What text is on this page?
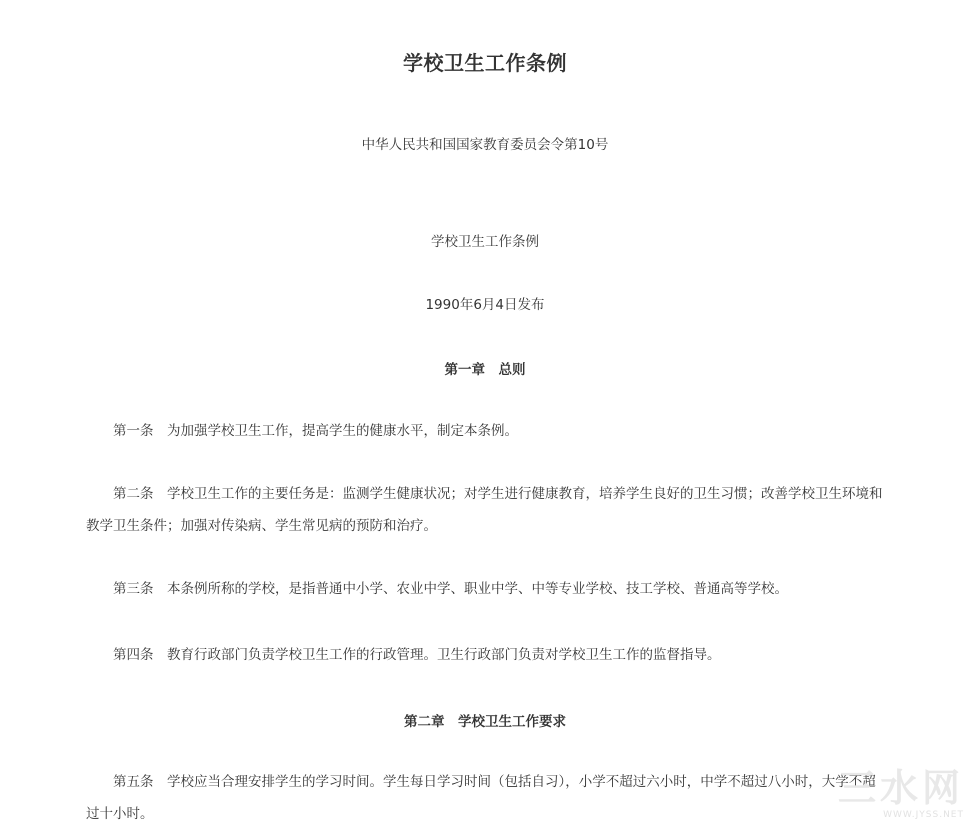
学校卫生工作条例
中华人民共和国国家教育委员会令第10号
学校卫生工作条例
1990年6月4日发布
第一章　总则
第一条　为加强学校卫生工作，提高学生的健康水平，制定本条例。
第二条　学校卫生工作的主要任务是：监测学生健康状况；对学生进行健康教育，培养学生良好的卫生习惯；改善学校卫生环境和教学卫生条件；加强对传染病、学生常见病的预防和治疗。
第三条　本条例所称的学校，是指普通中小学、农业中学、职业中学、中等专业学校、技工学校、普通高等学校。
第四条　教育行政部门负责学校卫生工作的行政管理。卫生行政部门负责对学校卫生工作的监督指导。
第二章　学校卫生工作要求
第五条　学校应当合理安排学生的学习时间。学生每日学习时间（包括自习），小学不超过六小时，中学不超过八小时，大学不超过十小时。
三水网
WWW.JYSS.NET
